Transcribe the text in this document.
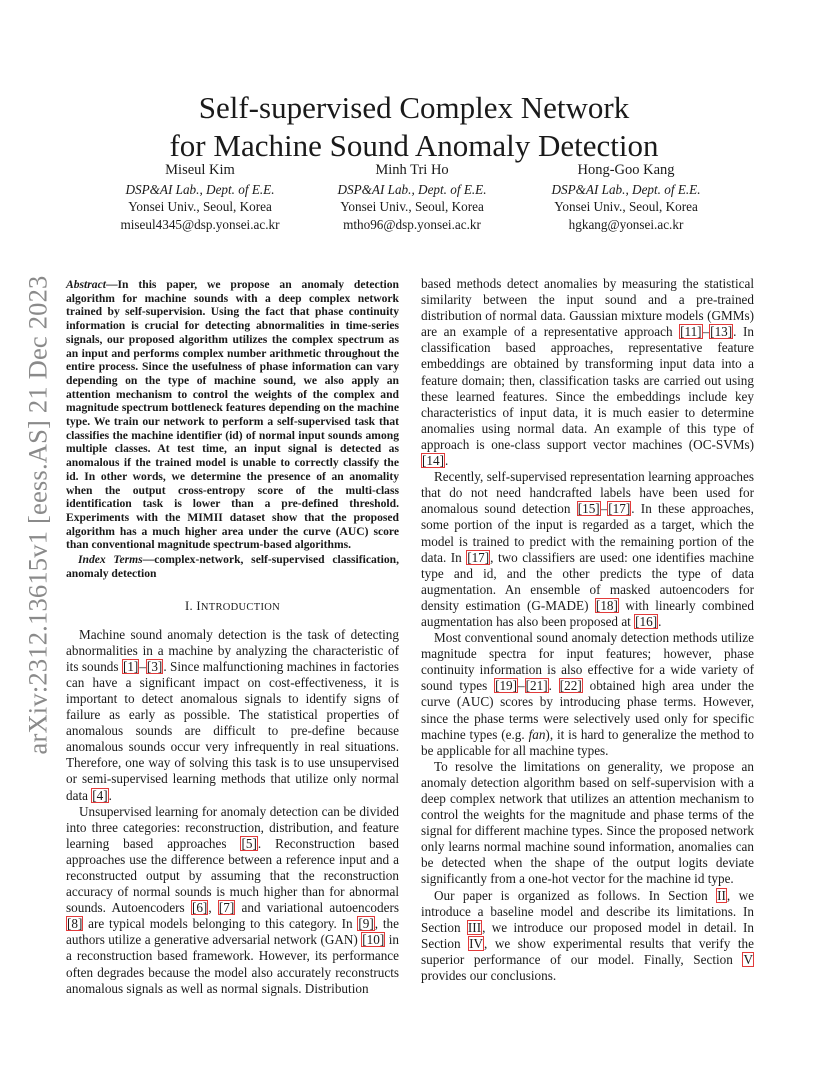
Self-supervised Complex Network
for Machine Sound Anomaly Detection
Miseul Kim
DSP&AI Lab., Dept. of E.E.
Yonsei Univ., Seoul, Korea
miseul4345@dsp.yonsei.ac.kr
Minh Tri Ho
DSP&AI Lab., Dept. of E.E.
Yonsei Univ., Seoul, Korea
mtho96@dsp.yonsei.ac.kr
Hong-Goo Kang
DSP&AI Lab., Dept. of E.E.
Yonsei Univ., Seoul, Korea
hgkang@yonsei.ac.kr
arXiv:2312.13615v1 [eess.AS] 21 Dec 2023 Abstract—In this paper, we propose an anomaly detection algorithm for machine sounds with a deep complex network trained by self-supervision. Using the fact that phase continuity information is crucial for detecting abnormalities in time-series signals, our proposed algorithm utilizes the complex spectrum as an input and performs complex number arithmetic throughout the entire process. Since the usefulness of phase information can vary depending on the type of machine sound, we also apply an attention mechanism to control the weights of the complex and magnitude spectrum bottleneck features depending on the machine type. We train our network to perform a self-supervised task that classifies the machine identifier (id) of normal input sounds among multiple classes. At test time, an input signal is detected as anomalous if the trained model is unable to correctly classify the id. In other words, we determine the presence of an anomality when the output cross-entropy score of the multi-class identification task is lower than a pre-defined threshold. Experiments with the MIMII dataset show that the proposed algorithm has a much higher area under the curve (AUC) score than conventional magnitude spectrum-based algorithms.

Index Terms—complex-network, self-supervised classification, anomaly detection

I. INTRODUCTION

Machine sound anomaly detection is the task of detecting abnormalities in a machine by analyzing the characteristic of its sounds [1]–[3]. Since malfunctioning machines in factories can have a significant impact on cost-effectiveness, it is important to detect anomalous signals to identify signs of failure as early as possible. The statistical properties of anomalous sounds are difficult to pre-define because anomalous sounds occur very infrequently in real situations. Therefore, one way of solving this task is to use unsupervised or semi-supervised learning methods that utilize only normal data [4].

Unsupervised learning for anomaly detection can be divided into three categories: reconstruction, distribution, and feature learning based approaches [5]. Reconstruction based approaches use the difference between a reference input and a reconstructed output by assuming that the reconstruction accuracy of normal sounds is much higher than for abnormal sounds. Autoencoders [6], [7] and variational autoencoders [8] are typical models belonging to this category. In [9], the authors utilize a generative adversarial network (GAN) [10] in a reconstruction based framework. However, its performance often degrades because the model also accurately reconstructs anomalous signals as well as normal signals. Distribution

based methods detect anomalies by measuring the statistical similarity between the input sound and a pre-trained distribution of normal data. Gaussian mixture models (GMMs) are an example of a representative approach [11]–[13]. In classification based approaches, representative feature embeddings are obtained by transforming input data into a feature domain; then, classification tasks are carried out using these learned features. Since the embeddings include key characteristics of input data, it is much easier to determine anomalies using normal data. An example of this type of approach is one-class support vector machines (OC-SVMs) [14].

Recently, self-supervised representation learning approaches that do not need handcrafted labels have been used for anomalous sound detection [15]–[17]. In these approaches, some portion of the input is regarded as a target, which the model is trained to predict with the remaining portion of the data. In [17], two classifiers are used: one identifies machine type and id, and the other predicts the type of data augmentation. An ensemble of masked autoencoders for density estimation (G-MADE) [18] with linearly combined augmentation has also been proposed at [16].

Most conventional sound anomaly detection methods utilize magnitude spectra for input features; however, phase continuity information is also effective for a wide variety of sound types [19]–[21]. [22] obtained high area under the curve (AUC) scores by introducing phase terms. However, since the phase terms were selectively used only for specific machine types (e.g. fan), it is hard to generalize the method to be applicable for all machine types.

To resolve the limitations on generality, we propose an anomaly detection algorithm based on self-supervision with a deep complex network that utilizes an attention mechanism to control the weights for the magnitude and phase terms of the signal for different machine types. Since the proposed network only learns normal machine sound information, anomalies can be detected when the shape of the output logits deviate significantly from a one-hot vector for the machine id type.

Our paper is organized as follows. In Section II, we introduce a baseline model and describe its limitations. In Section III, we introduce our proposed model in detail. In Section IV, we show experimental results that verify the superior performance of our model. Finally, Section V provides our conclusions.
